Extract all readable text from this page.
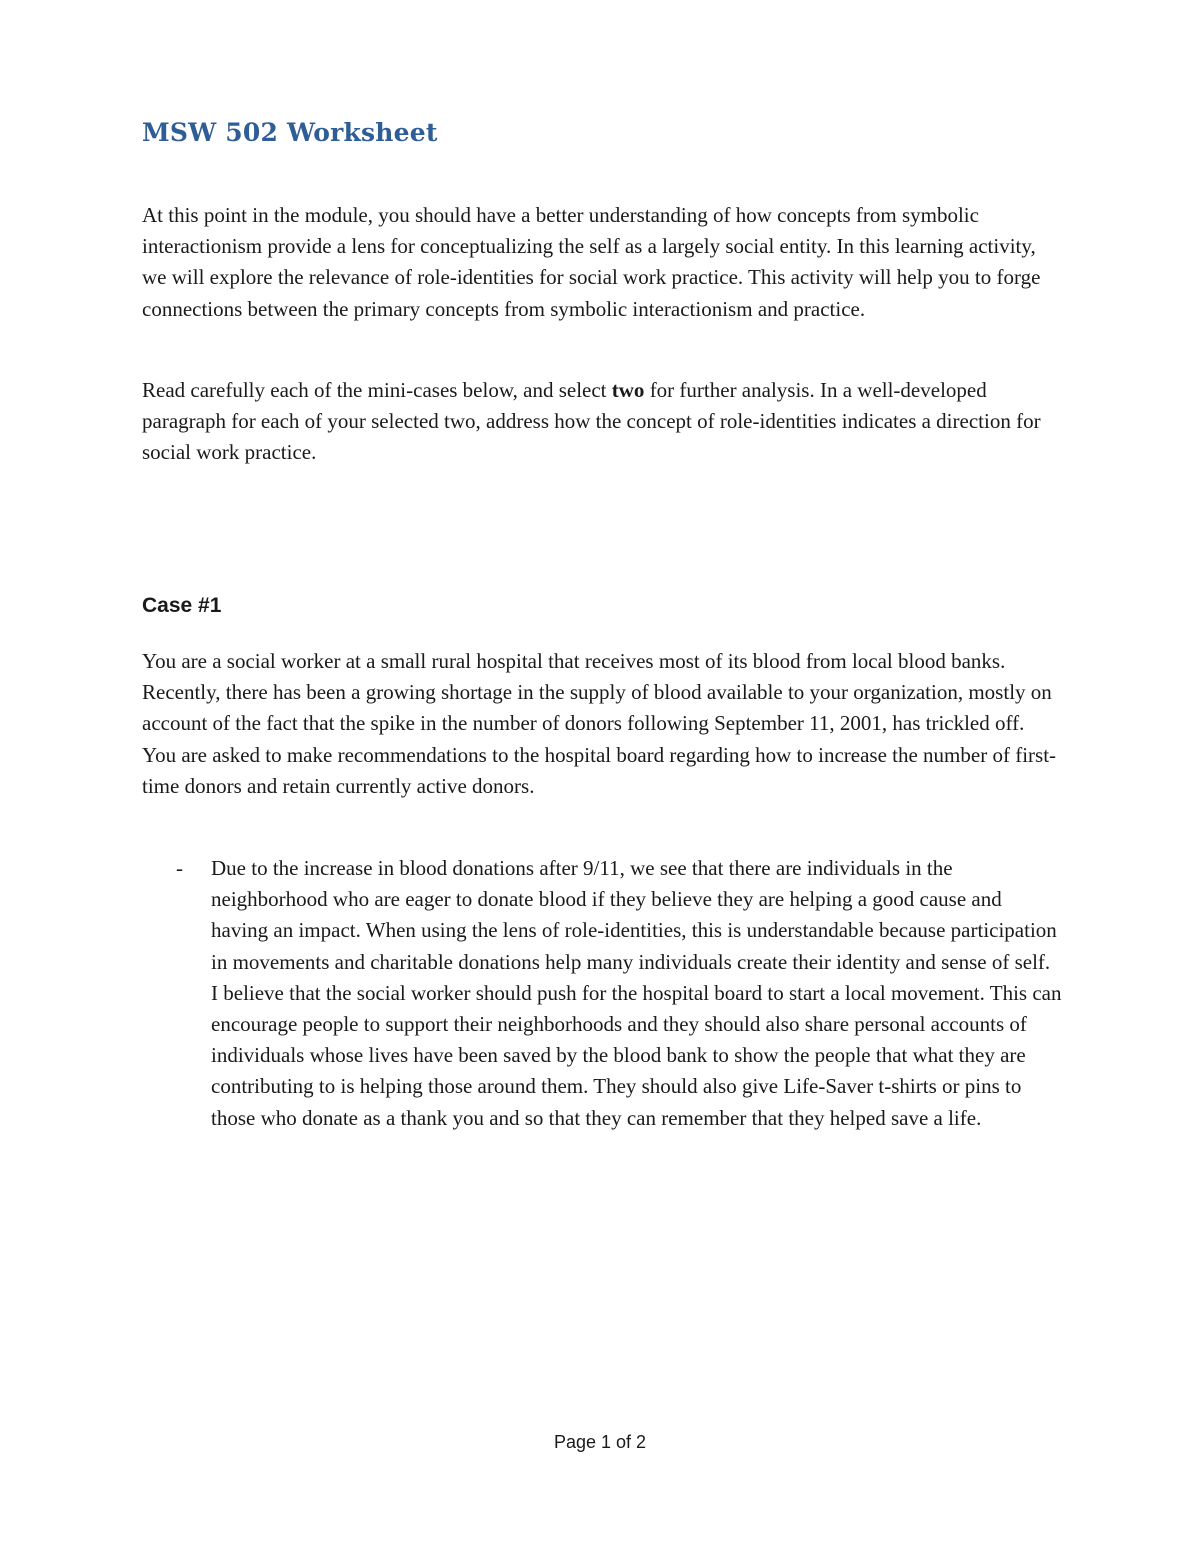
MSW 502 Worksheet

At this point in the module, you should have a better understanding of how concepts from symbolic interactionism provide a lens for conceptualizing the self as a largely social entity. In this learning activity, we will explore the relevance of role-identities for social work practice. This activity will help you to forge connections between the primary concepts from symbolic interactionism and practice.

Read carefully each of the mini-cases below, and select two for further analysis. In a well-developed paragraph for each of your selected two, address how the concept of role-identities indicates a direction for social work practice.

Case #1

You are a social worker at a small rural hospital that receives most of its blood from local blood banks. Recently, there has been a growing shortage in the supply of blood available to your organization, mostly on account of the fact that the spike in the number of donors following September 11, 2001, has trickled off. You are asked to make recommendations to the hospital board regarding how to increase the number of first-time donors and retain currently active donors.

-	Due to the increase in blood donations after 9/11, we see that there are individuals in the neighborhood who are eager to donate blood if they believe they are helping a good cause and having an impact. When using the lens of role-identities, this is understandable because participation in movements and charitable donations help many individuals create their identity and sense of self. I believe that the social worker should push for the hospital board to start a local movement. This can encourage people to support their neighborhoods and they should also share personal accounts of individuals whose lives have been saved by the blood bank to show the people that what they are contributing to is helping those around them. They should also give Life-Saver t-shirts or pins to those who donate as a thank you and so that they can remember that they helped save a life.

Page 1 of 2
